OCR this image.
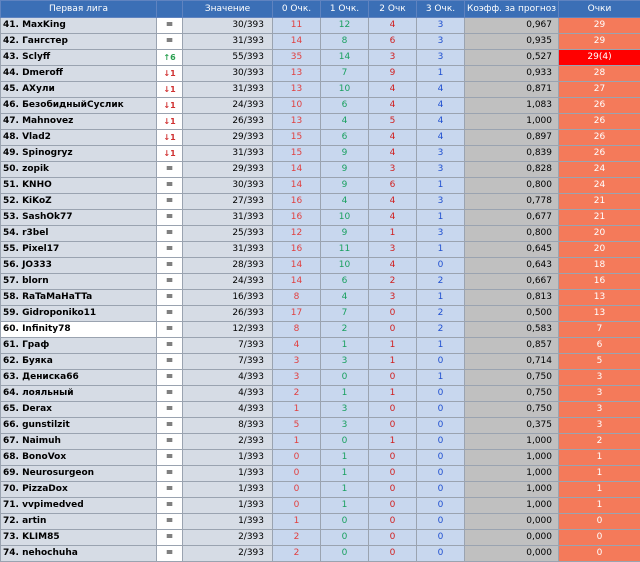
Первая лига		Значение	0 Очк.	1 Очк.	2 Очк	3 Очк.	Коэфф. за прогноз	Очки
41. MaxKing	=	30/393	11	12	4	3	0,967	29
42. Гангстер	=	31/393	14	8	6	3	0,935	29
43. Sclyff	↑6	55/393	35	14	3	3	0,527	29(4)
44. Dmeroff	↓1	30/393	13	7	9	1	0,933	28
45. AXули	↓1	31/393	13	10	4	4	0,871	27
46. БезобидныйСуслик	↓1	24/393	10	6	4	4	1,083	26
47. Mahnovez	↓1	26/393	13	4	5	4	1,000	26
48. Vlad2	↓1	29/393	15	6	4	4	0,897	26
49. Spinogryz	↓1	31/393	15	9	4	3	0,839	26
50. zopik	=	29/393	14	9	3	3	0,828	24
51. KNHO	=	30/393	14	9	6	1	0,800	24
52. KiKoZ	=	27/393	16	4	4	3	0,778	21
53. SashOk77	=	31/393	16	10	4	1	0,677	21
54. r3bel	=	25/393	12	9	1	3	0,800	20
55. Pixel17	=	31/393	16	11	3	1	0,645	20
56. JO333	=	28/393	14	10	4	0	0,643	18
57. blorn	=	24/393	14	6	2	2	0,667	16
58. RaTaMaHaTTa	=	16/393	8	4	3	1	0,813	13
59. Gidroponiko11	=	26/393	17	7	0	2	0,500	13
60. Infinity78	=	12/393	8	2	0	2	0,583	7
61. Граф	=	7/393	4	1	1	1	0,857	6
62. Буяка	=	7/393	3	3	1	0	0,714	5
63. Дениска66	=	4/393	3	0	0	1	0,750	3
64. лояльный	=	4/393	2	1	1	0	0,750	3
65. Derax	=	4/393	1	3	0	0	0,750	3
66. gunstilzit	=	8/393	5	3	0	0	0,375	3
67. Naimuh	=	2/393	1	0	1	0	1,000	2
68. BonoVox	=	1/393	0	1	0	0	1,000	1
69. Neurosurgeon	=	1/393	0	1	0	0	1,000	1
70. PizzaDox	=	1/393	0	1	0	0	1,000	1
71. vvpimedved	=	1/393	0	1	0	0	1,000	1
72. artin	=	1/393	1	0	0	0	0,000	0
73. KLIM85	=	2/393	2	0	0	0	0,000	0
74. nehochuha	=	2/393	2	0	0	0	0,000	0
